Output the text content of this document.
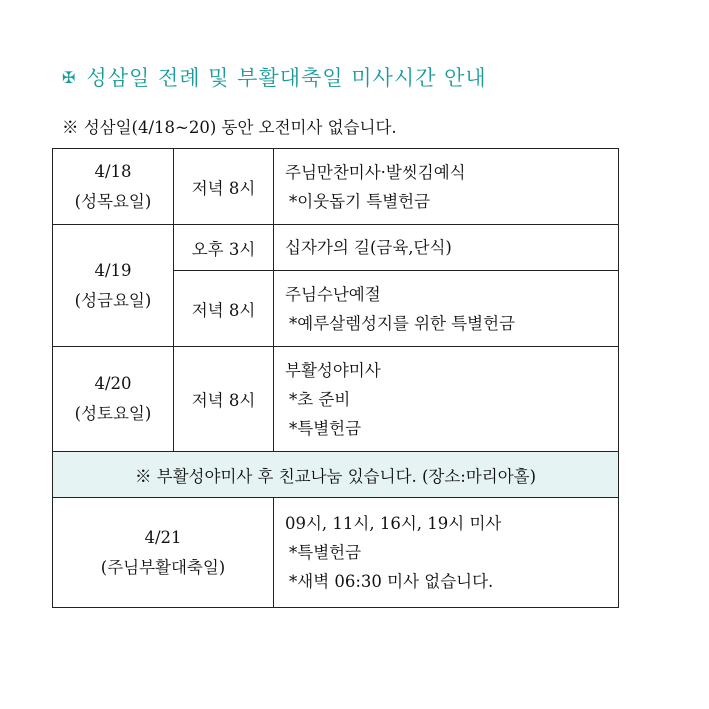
✠ 성삼일 전례 및 부활대축일 미사시간 안내
※ 성삼일(4/18~20) 동안 오전미사 없습니다.
4/18
(성목요일)	저녁 8시	주님만찬미사·발씻김예식
*이웃돕기 특별헌금

4/19
(성금요일)	오후 3시	십자가의 길(금육,단식)

	저녁 8시	주님수난예절
*예루살렘성지를 위한 특별헌금

4/20
(성토요일)	저녁 8시	부활성야미사
*초 준비
*특별헌금

※ 부활성야미사 후 친교나눔 있습니다. (장소:마리아홀)		

4/21
(주님부활대축일)		09시, 11시, 16시, 19시 미사
*특별헌금
*새벽 06:30 미사 없습니다.
